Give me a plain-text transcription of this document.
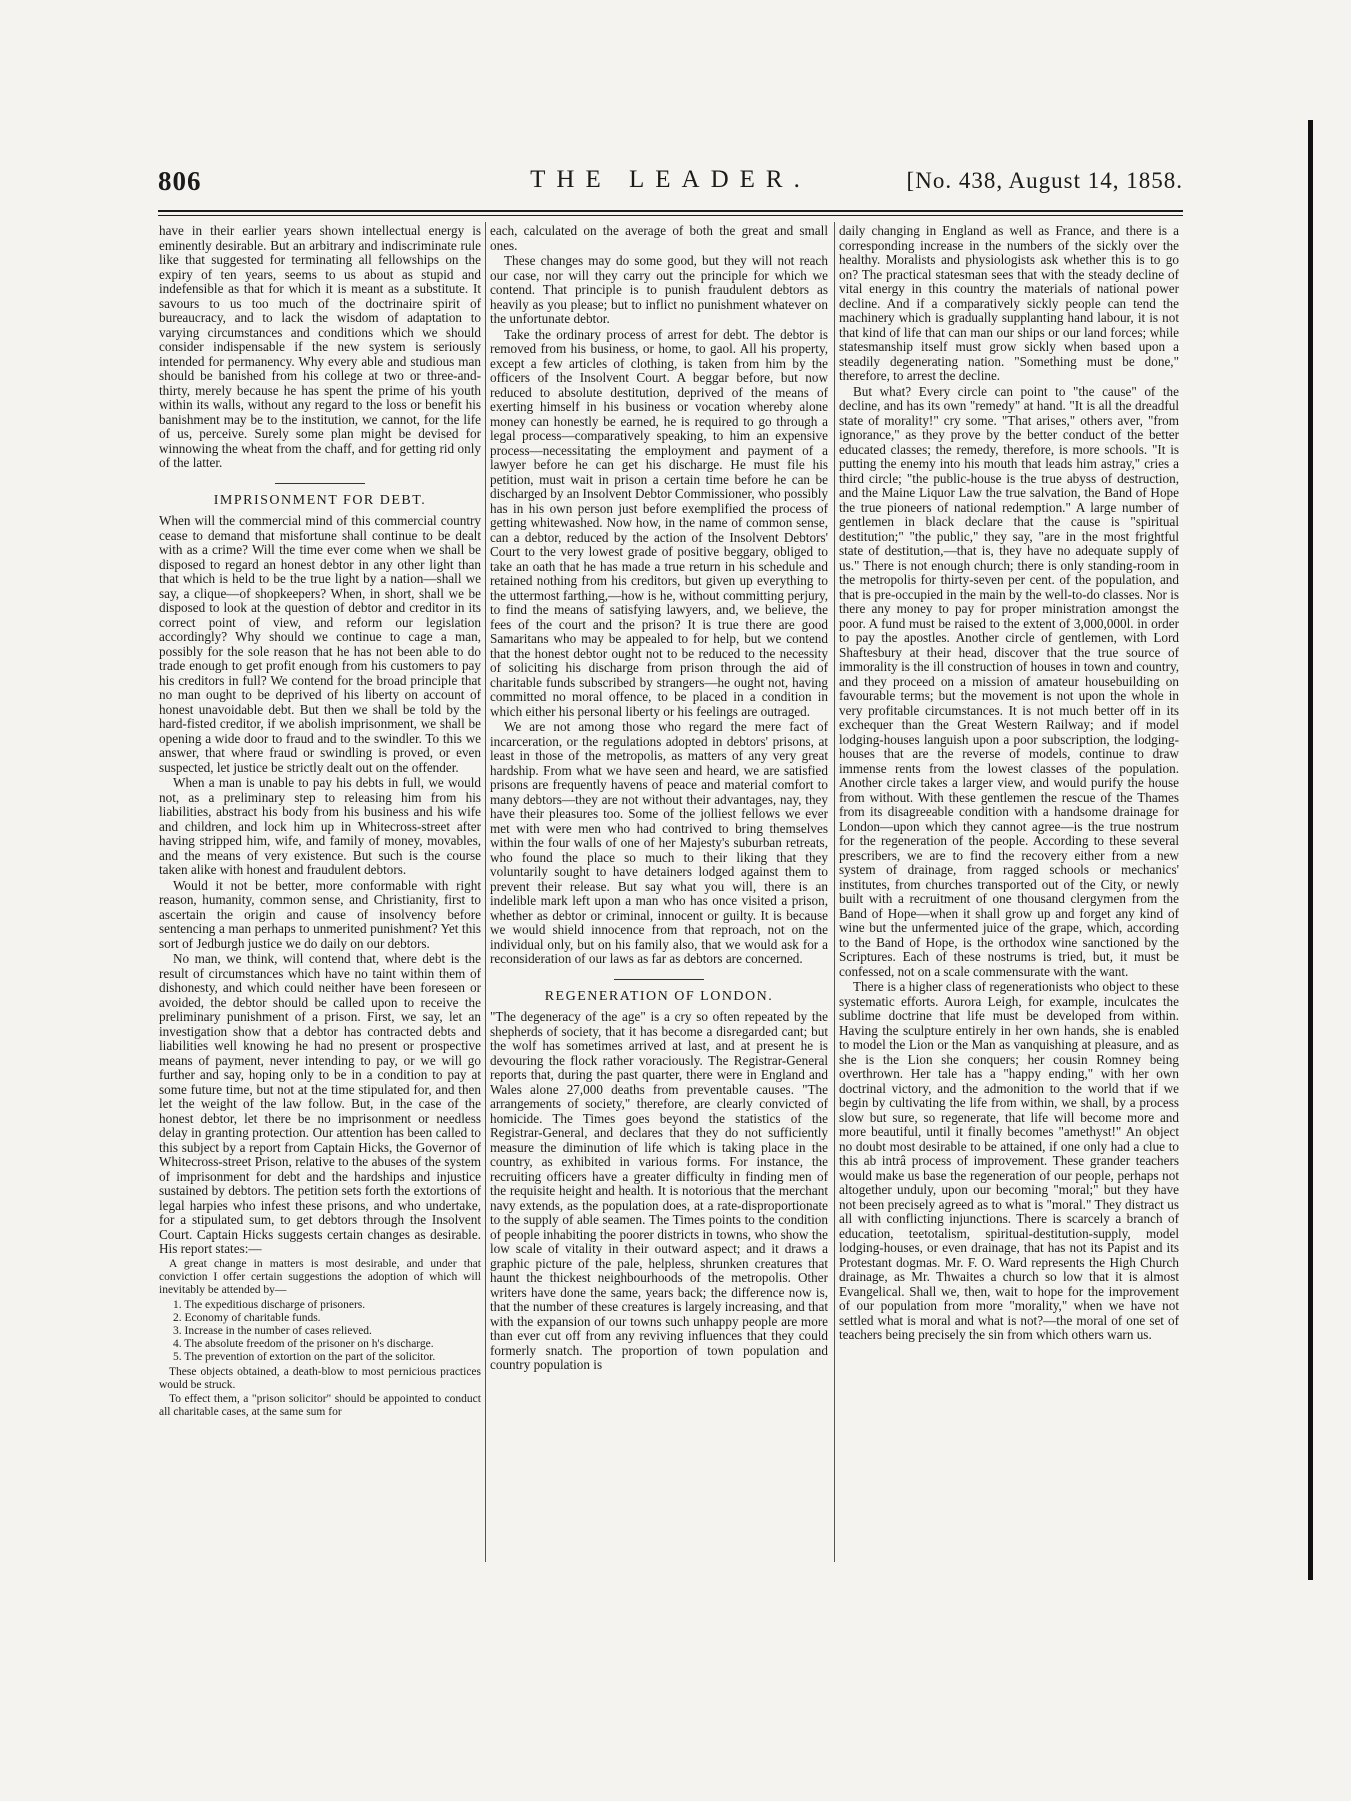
806	THE LEADER.	[No. 438, August 14, 1858.

have in their earlier years shown intellectual energy is eminently desirable. But an arbitrary and indiscriminate rule like that suggested for terminating all fellowships on the expiry of ten years, seems to us about as stupid and indefensible as that for which it is meant as a substitute. It savours to us too much of the doctrinaire spirit of bureaucracy, and to lack the wisdom of adaptation to varying circumstances and conditions which we should consider indispensable if the new system is seriously intended for permanency. Why every able and studious man should be banished from his college at two or three-and-thirty, merely because he has spent the prime of his youth within its walls, without any regard to the loss or benefit his banishment may be to the institution, we cannot, for the life of us, perceive. Surely some plan might be devised for winnowing the wheat from the chaff, and for getting rid only of the latter.

IMPRISONMENT FOR DEBT.

When will the commercial mind of this commercial country cease to demand that misfortune shall continue to be dealt with as a crime? Will the time ever come when we shall be disposed to regard an honest debtor in any other light than that which is held to be the true light by a nation—shall we say, a clique—of shopkeepers? When, in short, shall we be disposed to look at the question of debtor and creditor in its correct point of view, and reform our legislation accordingly? Why should we continue to cage a man, possibly for the sole reason that he has not been able to do trade enough to get profit enough from his customers to pay his creditors in full? We contend for the broad principle that no man ought to be deprived of his liberty on account of honest unavoidable debt. But then we shall be told by the hard-fisted creditor, if we abolish imprisonment, we shall be opening a wide door to fraud and to the swindler. To this we answer, that where fraud or swindling is proved, or even suspected, let justice be strictly dealt out on the offender.

When a man is unable to pay his debts in full, we would not, as a preliminary step to releasing him from his liabilities, abstract his body from his business and his wife and children, and lock him up in Whitecross-street after having stripped him, wife, and family of money, movables, and the means of very existence. But such is the course taken alike with honest and fraudulent debtors.

Would it not be better, more conformable with right reason, humanity, common sense, and Christianity, first to ascertain the origin and cause of insolvency before sentencing a man perhaps to unmerited punishment? Yet this sort of Jedburgh justice we do daily on our debtors.

No man, we think, will contend that, where debt is the result of circumstances which have no taint within them of dishonesty, and which could neither have been foreseen or avoided, the debtor should be called upon to receive the preliminary punishment of a prison. First, we say, let an investigation show that a debtor has contracted debts and liabilities well knowing he had no present or prospective means of payment, never intending to pay, or we will go further and say, hoping only to be in a condition to pay at some future time, but not at the time stipulated for, and then let the weight of the law follow. But, in the case of the honest debtor, let there be no imprisonment or needless delay in granting protection. Our attention has been called to this subject by a report from Captain Hicks, the Governor of Whitecross-street Prison, relative to the abuses of the system of imprisonment for debt and the hardships and injustice sustained by debtors. The petition sets forth the extortions of legal harpies who infest these prisons, and who undertake, for a stipulated sum, to get debtors through the Insolvent Court. Captain Hicks suggests certain changes as desirable. His report states:—

A great change in matters is most desirable, and under that conviction I offer certain suggestions the adoption of which will inevitably be attended by—

1. The expeditious discharge of prisoners.
2. Economy of charitable funds.
3. Increase in the number of cases relieved.
4. The absolute freedom of the prisoner on h's discharge.
5. The prevention of extortion on the part of the solicitor.

These objects obtained, a death-blow to most pernicious practices would be struck.

To effect them, a "prison solicitor" should be appointed to conduct all charitable cases, at the same sum for

each, calculated on the average of both the great and small ones.

These changes may do some good, but they will not reach our case, nor will they carry out the principle for which we contend. That principle is to punish fraudulent debtors as heavily as you please; but to inflict no punishment whatever on the unfortunate debtor.

Take the ordinary process of arrest for debt. The debtor is removed from his business, or home, to gaol. All his property, except a few articles of clothing, is taken from him by the officers of the Insolvent Court. A beggar before, but now reduced to absolute destitution, deprived of the means of exerting himself in his business or vocation whereby alone money can honestly be earned, he is required to go through a legal process—comparatively speaking, to him an expensive process—necessitating the employment and payment of a lawyer before he can get his discharge. He must file his petition, must wait in prison a certain time before he can be discharged by an Insolvent Debtor Commissioner, who possibly has in his own person just before exemplified the process of getting whitewashed. Now how, in the name of common sense, can a debtor, reduced by the action of the Insolvent Debtors' Court to the very lowest grade of positive beggary, obliged to take an oath that he has made a true return in his schedule and retained nothing from his creditors, but given up everything to the uttermost farthing,—how is he, without committing perjury, to find the means of satisfying lawyers, and, we believe, the fees of the court and the prison? It is true there are good Samaritans who may be appealed to for help, but we contend that the honest debtor ought not to be reduced to the necessity of soliciting his discharge from prison through the aid of charitable funds subscribed by strangers—he ought not, having committed no moral offence, to be placed in a condition in which either his personal liberty or his feelings are outraged.

We are not among those who regard the mere fact of incarceration, or the regulations adopted in debtors' prisons, at least in those of the metropolis, as matters of any very great hardship. From what we have seen and heard, we are satisfied prisons are frequently havens of peace and material comfort to many debtors—they are not without their advantages, nay, they have their pleasures too. Some of the jolliest fellows we ever met with were men who had contrived to bring themselves within the four walls of one of her Majesty's suburban retreats, who found the place so much to their liking that they voluntarily sought to have detainers lodged against them to prevent their release. But say what you will, there is an indelible mark left upon a man who has once visited a prison, whether as debtor or criminal, innocent or guilty. It is because we would shield innocence from that reproach, not on the individual only, but on his family also, that we would ask for a reconsideration of our laws as far as debtors are concerned.

REGENERATION OF LONDON.

"The degeneracy of the age" is a cry so often repeated by the shepherds of society, that it has become a disregarded cant; but the wolf has sometimes arrived at last, and at present he is devouring the flock rather voraciously. The Registrar-General reports that, during the past quarter, there were in England and Wales alone 27,000 deaths from preventable causes. "The arrangements of society," therefore, are clearly convicted of homicide. The Times goes beyond the statistics of the Registrar-General, and declares that they do not sufficiently measure the diminution of life which is taking place in the country, as exhibited in various forms. For instance, the recruiting officers have a greater difficulty in finding men of the requisite height and health. It is notorious that the merchant navy extends, as the population does, at a rate-disproportionate to the supply of able seamen. The Times points to the condition of people inhabiting the poorer districts in towns, who show the low scale of vitality in their outward aspect; and it draws a graphic picture of the pale, helpless, shrunken creatures that haunt the thickest neighbourhoods of the metropolis. Other writers have done the same, years back; the difference now is, that the number of these creatures is largely increasing, and that with the expansion of our towns such unhappy people are more than ever cut off from any reviving influences that they could formerly snatch. The proportion of town population and country population is

daily changing in England as well as France, and there is a corresponding increase in the numbers of the sickly over the healthy. Moralists and physiologists ask whether this is to go on? The practical statesman sees that with the steady decline of vital energy in this country the materials of national power decline. And if a comparatively sickly people can tend the machinery which is gradually supplanting hand labour, it is not that kind of life that can man our ships or our land forces; while statesmanship itself must grow sickly when based upon a steadily degenerating nation. "Something must be done," therefore, to arrest the decline.

But what? Every circle can point to "the cause" of the decline, and has its own "remedy" at hand. "It is all the dreadful state of morality!" cry some. "That arises," others aver, "from ignorance," as they prove by the better conduct of the better educated classes; the remedy, therefore, is more schools. "It is putting the enemy into his mouth that leads him astray," cries a third circle; "the public-house is the true abyss of destruction, and the Maine Liquor Law the true salvation, the Band of Hope the true pioneers of national redemption." A large number of gentlemen in black declare that the cause is "spiritual destitution;" "the public," they say, "are in the most frightful state of destitution,—that is, they have no adequate supply of us." There is not enough church; there is only standing-room in the metropolis for thirty-seven per cent. of the population, and that is pre-occupied in the main by the well-to-do classes. Nor is there any money to pay for proper ministration amongst the poor. A fund must be raised to the extent of 3,000,000l. in order to pay the apostles. Another circle of gentlemen, with Lord Shaftesbury at their head, discover that the true source of immorality is the ill construction of houses in town and country, and they proceed on a mission of amateur housebuilding on favourable terms; but the movement is not upon the whole in very profitable circumstances. It is not much better off in its exchequer than the Great Western Railway; and if model lodging-houses languish upon a poor subscription, the lodging-houses that are the reverse of models, continue to draw immense rents from the lowest classes of the population. Another circle takes a larger view, and would purify the house from without. With these gentlemen the rescue of the Thames from its disagreeable condition with a handsome drainage for London—upon which they cannot agree—is the true nostrum for the regeneration of the people. According to these several prescribers, we are to find the recovery either from a new system of drainage, from ragged schools or mechanics' institutes, from churches transported out of the City, or newly built with a recruitment of one thousand clergymen from the Band of Hope—when it shall grow up and forget any kind of wine but the unfermented juice of the grape, which, according to the Band of Hope, is the orthodox wine sanctioned by the Scriptures. Each of these nostrums is tried, but, it must be confessed, not on a scale commensurate with the want.

There is a higher class of regenerationists who object to these systematic efforts. Aurora Leigh, for example, inculcates the sublime doctrine that life must be developed from within. Having the sculpture entirely in her own hands, she is enabled to model the Lion or the Man as vanquishing at pleasure, and as she is the Lion she conquers; her cousin Romney being overthrown. Her tale has a "happy ending," with her own doctrinal victory, and the admonition to the world that if we begin by cultivating the life from within, we shall, by a process slow but sure, so regenerate, that life will become more and more beautiful, until it finally becomes "amethyst!" An object no doubt most desirable to be attained, if one only had a clue to this ab intrâ process of improvement. These grander teachers would make us base the regeneration of our people, perhaps not altogether unduly, upon our becoming "moral;" but they have not been precisely agreed as to what is "moral." They distract us all with conflicting injunctions. There is scarcely a branch of education, teetotalism, spiritual-destitution-supply, model lodging-houses, or even drainage, that has not its Papist and its Protestant dogmas. Mr. F. O. Ward represents the High Church drainage, as Mr. Thwaites a church so low that it is almost Evangelical. Shall we, then, wait to hope for the improvement of our population from more "morality," when we have not settled what is moral and what is not?—the moral of one set of teachers being precisely the sin from which others warn us.
